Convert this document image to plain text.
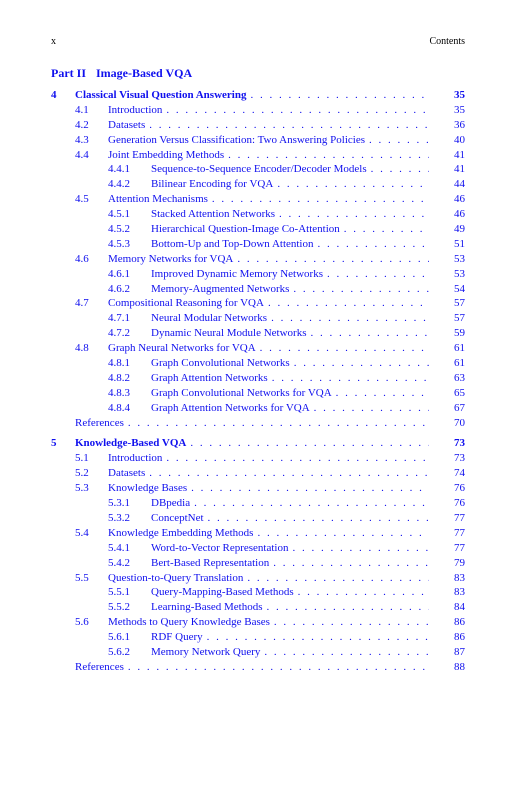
x	Contents
Part II Image-Based VQA
4 Classical Visual Question Answering . . .	35
4.1 Introduction . . .	35
4.2 Datasets . . .	36
4.3 Generation Versus Classification: Two Answering Policies . . .	40
4.4 Joint Embedding Methods . . .	41
4.4.1 Sequence-to-Sequence Encoder/Decoder Models . . .	41
4.4.2 Bilinear Encoding for VQA . . .	44
4.5 Attention Mechanisms . . .	46
4.5.1 Stacked Attention Networks . . .	46
4.5.2 Hierarchical Question-Image Co-Attention . . .	49
4.5.3 Bottom-Up and Top-Down Attention . . .	51
4.6 Memory Networks for VQA . . .	53
4.6.1 Improved Dynamic Memory Networks . . .	53
4.6.2 Memory-Augmented Networks . . .	54
4.7 Compositional Reasoning for VQA . . .	57
4.7.1 Neural Modular Networks . . .	57
4.7.2 Dynamic Neural Module Networks . . .	59
4.8 Graph Neural Networks for VQA . . .	61
4.8.1 Graph Convolutional Networks . . .	61
4.8.2 Graph Attention Networks . . .	63
4.8.3 Graph Convolutional Networks for VQA . . .	65
4.8.4 Graph Attention Networks for VQA . . .	67
References . . .	70
5 Knowledge-Based VQA . . .	73
5.1 Introduction . . .	73
5.2 Datasets . . .	74
5.3 Knowledge Bases . . .	76
5.3.1 DBpedia . . .	76
5.3.2 ConceptNet . . .	77
5.4 Knowledge Embedding Methods . . .	77
5.4.1 Word-to-Vector Representation . . .	77
5.4.2 Bert-Based Representation . . .	79
5.5 Question-to-Query Translation . . .	83
5.5.1 Query-Mapping-Based Methods . . .	83
5.5.2 Learning-Based Methods . . .	84
5.6 Methods to Query Knowledge Bases . . .	86
5.6.1 RDF Query . . .	86
5.6.2 Memory Network Query . . .	87
References . . .	88
